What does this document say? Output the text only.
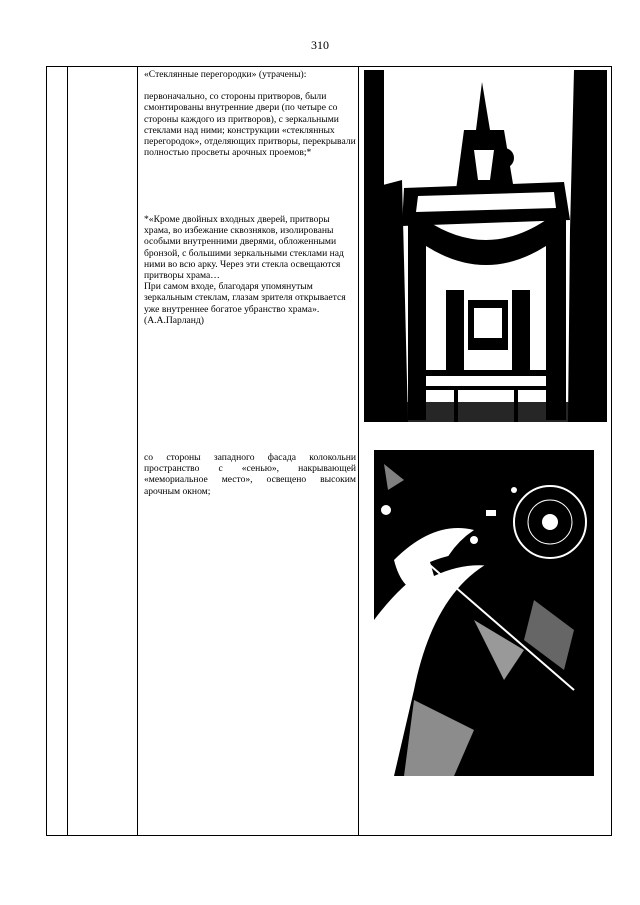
310

«Стеклянные перегородки» (утрачены):

первоначально, со стороны притворов, были смонтированы внутренние двери (по четыре со стороны каждого из притворов), с зеркальными стеклами над ними; конструкции «стеклянных перегородок», отделяющих притворы, перекрывали полностью просветы арочных проемов;*

*«Кроме двойных входных дверей, притворы храма, во избежание сквозняков, изолированы особыми внутренними дверями, обложенными бронзой, с большими зеркальными стеклами над ними во всю арку. Через эти стекла освещаются притворы храма…

При самом входе, благодаря упомянутым зеркальным стеклам, глазам зрителя открывается уже внутреннее богатое убранство храма». (А.А.Парланд)

со стороны западного фасада колокольни пространство с «сенью», накрывающей «мемориальное место», освещено высоким арочным окном;
